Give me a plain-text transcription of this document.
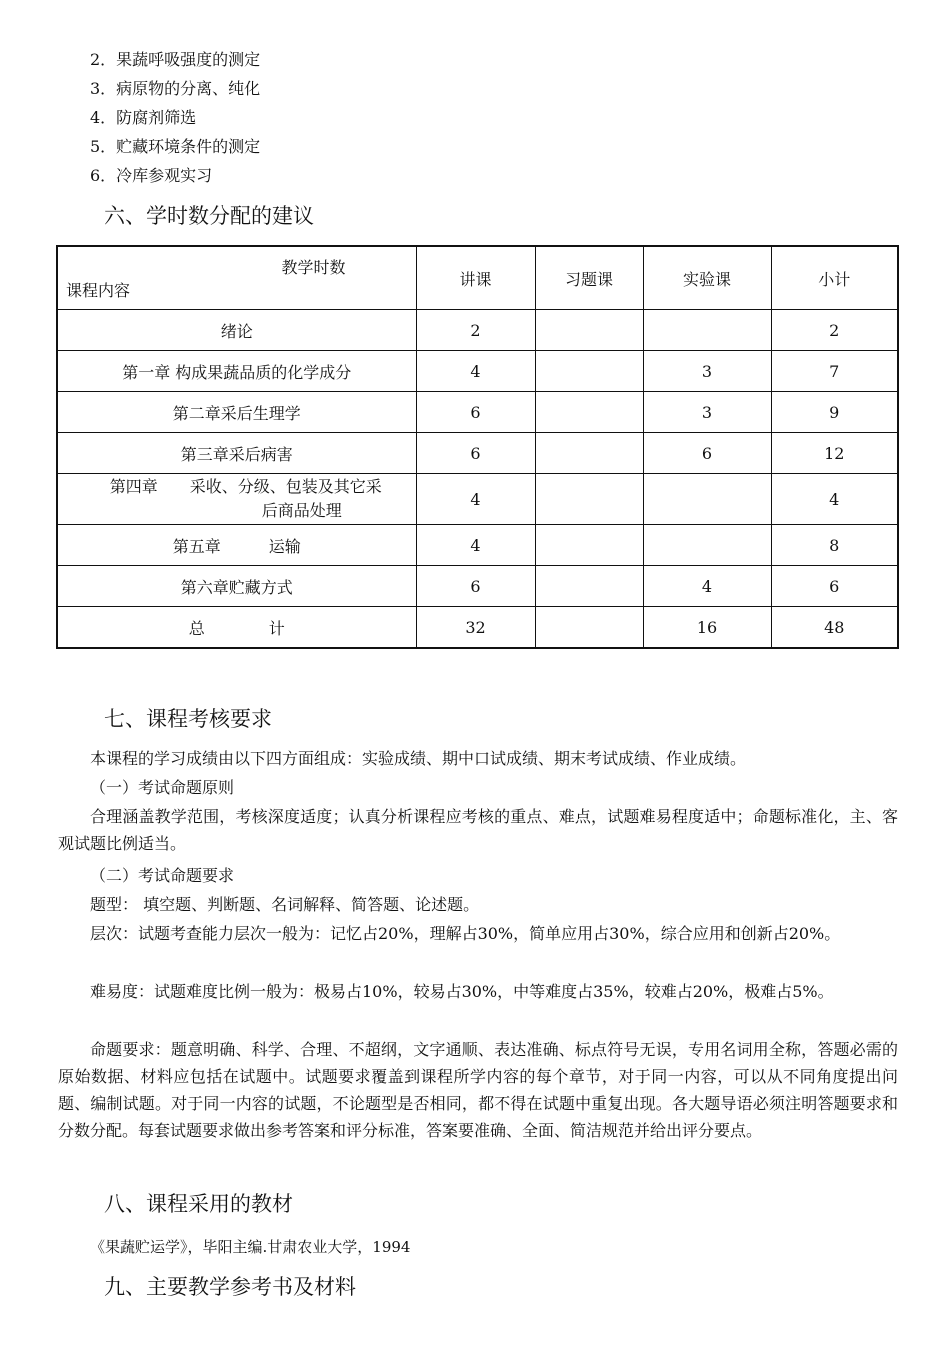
2．果蔬呼吸强度的测定
3．病原物的分离、纯化
4．防腐剂筛选
5．贮藏环境条件的测定
6．冷库参观实习
六、学时数分配的建议
教学时数
课程内容	讲课	习题课	实验课	小计
绪论	2			2
第一章 构成果蔬品质的化学成分	4		3	7
第二章采后生理学	6		3	9
第三章采后病害	6		6	12
第四章　　采收、分级、包装及其它采
后商品处理	4			4
第五章　　　运输	4			8
第六章贮藏方式	6		4	6
总　　　　计	32		16	48
七、课程考核要求
本课程的学习成绩由以下四方面组成：实验成绩、期中口试成绩、期末考试成绩、作业成绩。
（一）考试命题原则
合理涵盖教学范围，考核深度适度；认真分析课程应考核的重点、难点，试题难易程度适中；命题标准化，主、客观试题比例适当。
（二）考试命题要求
题型： 填空题、判断题、名词解释、简答题、论述题。
层次：试题考查能力层次一般为：记忆占20%，理解占30%，简单应用占30%，综合应用和创新占20%。
难易度：试题难度比例一般为：极易占10%，较易占30%，中等难度占35%，较难占20%，极难占5%。
命题要求：题意明确、科学、合理、不超纲，文字通顺、表达准确、标点符号无误，专用名词用全称，答题必需的原始数据、材料应包括在试题中。试题要求覆盖到课程所学内容的每个章节，对于同一内容，可以从不同角度提出问题、编制试题。对于同一内容的试题，不论题型是否相同，都不得在试题中重复出现。各大题导语必须注明答题要求和分数分配。每套试题要求做出参考答案和评分标准，答案要准确、全面、简洁规范并给出评分要点。
八、课程采用的教材
《果蔬贮运学》，毕阳主编.甘肃农业大学，1994
九、主要教学参考书及材料
